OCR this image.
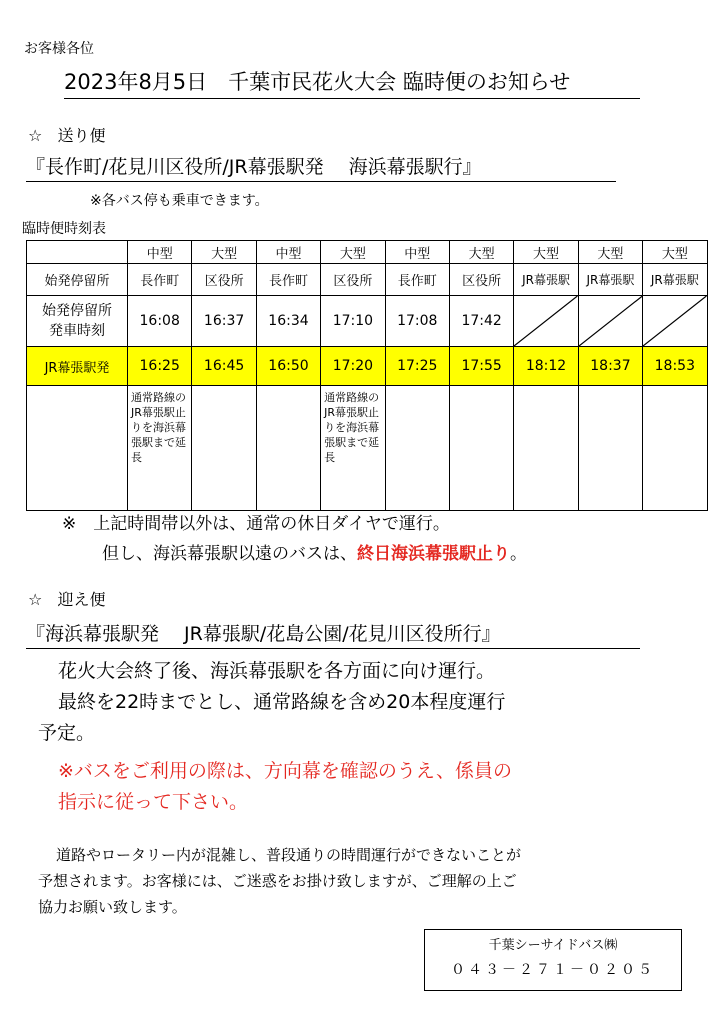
お客様各位
2023年8月5日　千葉市民花火大会 臨時便のお知らせ
☆ 送り便
『長作町/花見川区役所/JR幕張駅発　 海浜幕張駅行』
※各バス停も乗車できます。
臨時便時刻表
	中型	大型	中型	大型	中型	大型	大型	大型	大型
始発停留所	長作町	区役所	長作町	区役所	長作町	区役所	JR幕張駅	JR幕張駅	JR幕張駅

始発停留所
発車時刻	16:08	16:37	16:34	17:10	17:08	17:42	

JR幕張駅発	16:25	16:45	16:50	17:20	17:25	17:55	18:12	18:37	18:53

	通常路線のJR幕張駅止りを海浜幕張駅まで延長			通常路線のJR幕張駅止りを海浜幕張駅まで延長					

※　上記時間帯以外は、通常の休日ダイヤで運行。
但し、海浜幕張駅以遠のバスは、終日海浜幕張駅止り。
☆ 迎え便
『海浜幕張駅発　 JR幕張駅/花島公園/花見川区役所行』
花火大会終了後、海浜幕張駅を各方面に向け運行。
最終を22時までとし、通常路線を含め20本程度運行
予定。
※バスをご利用の際は、方向幕を確認のうえ、係員の
指示に従って下さい。
道路やロータリー内が混雑し、普段通りの時間運行ができないことが
予想されます。お客様には、ご迷惑をお掛け致しますが、ご理解の上ご
協力お願い致します。
千葉シーサイドバス㈱
０４３－２７１－０２０５
